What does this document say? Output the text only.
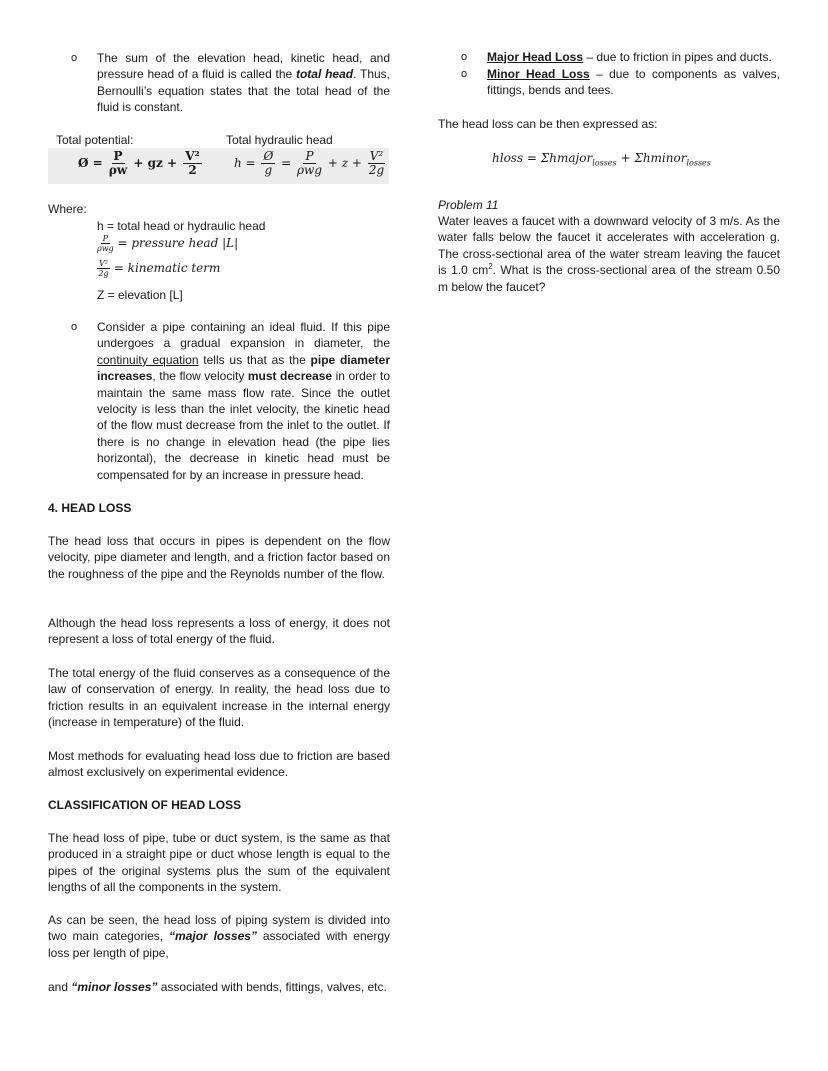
o The sum of the elevation head, kinetic head, and pressure head of a fluid is called the total head. Thus, Bernoulli’s equation states that the total head of the fluid is constant.
Total potential:	Total hydraulic head
Ø = $\frac{P}{\rho w}$ + gz + $\frac{\text{V²}}{2}$	$h = \frac{Ø}{g} = \frac{P}{\text{ρwg}} + z + \frac{\text{V²}}{2g}$
Where:
h = total head or hydraulic head
$\frac{P}{\text{ρwg}}$ = pressure head |L|
$\frac{\text{V²}}{2g}$ = kinematic term
Z = elevation [L]
o Consider a pipe containing an ideal fluid. If this pipe undergoes a gradual expansion in diameter, the continuity equation tells us that as the pipe diameter increases, the flow velocity must decrease in order to maintain the same mass flow rate. Since the outlet velocity is less than the inlet velocity, the kinetic head of the flow must decrease from the inlet to the outlet. If there is no change in elevation head (the pipe lies horizontal), the decrease in kinetic head must be compensated for by an increase in pressure head.
4. HEAD LOSS
The head loss that occurs in pipes is dependent on the flow velocity, pipe diameter and length, and a friction factor based on the roughness of the pipe and the Reynolds number of the flow.
Although the head loss represents a loss of energy, it does not represent a loss of total energy of the fluid.
The total energy of the fluid conserves as a consequence of the law of conservation of energy. In reality, the head loss due to friction results in an equivalent increase in the internal energy (increase in temperature) of the fluid.
Most methods for evaluating head loss due to friction are based almost exclusively on experimental evidence.
CLASSIFICATION OF HEAD LOSS
The head loss of pipe, tube or duct system, is the same as that produced in a straight pipe or duct whose length is equal to the pipes of the original systems plus the sum of the equivalent lengths of all the components in the system.
As can be seen, the head loss of piping system is divided into two main categories, “major losses” associated with energy loss per length of pipe,
and “minor losses” associated with bends, fittings, valves, etc.
o Major Head Loss – due to friction in pipes and ducts.
o Minor Head Loss – due to components as valves, fittings, bends and tees.
The head loss can be then expressed as:
hloss = Σhmajor$_{losses}$ + Σhminor$_{losses}$
Problem 11
Water leaves a faucet with a downward velocity of 3 m/s. As the water falls below the faucet it accelerates with acceleration g. The cross-sectional area of the water stream leaving the faucet is 1.0 $cm^2$. What is the cross-sectional area of the stream 0.50 m below the faucet?
